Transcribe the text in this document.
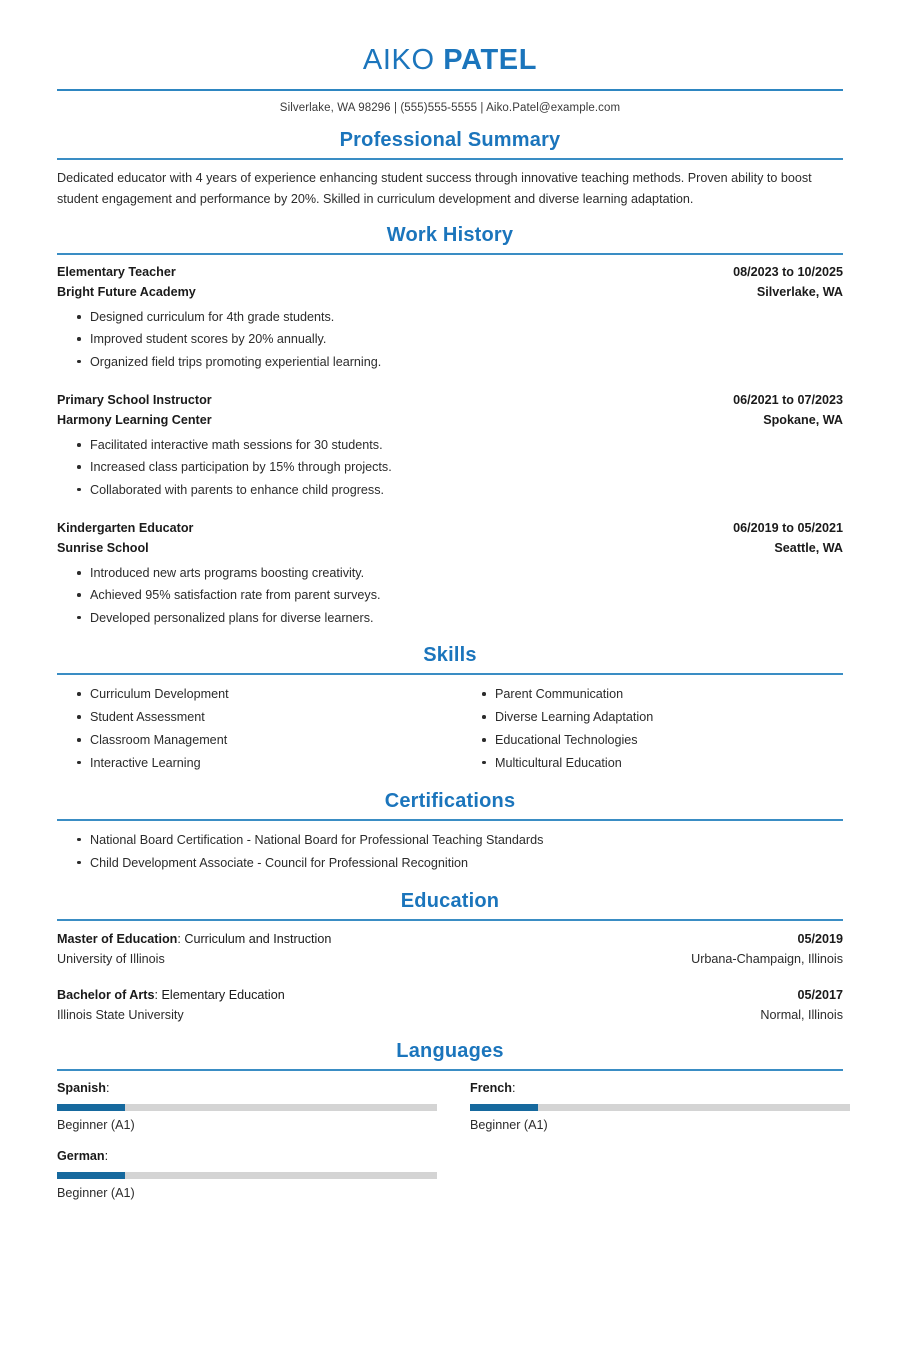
AIKO PATEL
Silverlake, WA 98296 | (555)555-5555 | Aiko.Patel@example.com
Professional Summary
Dedicated educator with 4 years of experience enhancing student success through innovative teaching methods. Proven ability to boost student engagement and performance by 20%. Skilled in curriculum development and diverse learning adaptation.
Work History
Elementary Teacher	08/2023 to 10/2025
Bright Future Academy	Silverlake, WA
Designed curriculum for 4th grade students.
Improved student scores by 20% annually.
Organized field trips promoting experiential learning.
Primary School Instructor	06/2021 to 07/2023
Harmony Learning Center	Spokane, WA
Facilitated interactive math sessions for 30 students.
Increased class participation by 15% through projects.
Collaborated with parents to enhance child progress.
Kindergarten Educator	06/2019 to 05/2021
Sunrise School	Seattle, WA
Introduced new arts programs boosting creativity.
Achieved 95% satisfaction rate from parent surveys.
Developed personalized plans for diverse learners.
Skills
Curriculum Development
Student Assessment
Classroom Management
Interactive Learning
Parent Communication
Diverse Learning Adaptation
Educational Technologies
Multicultural Education
Certifications
National Board Certification - National Board for Professional Teaching Standards
Child Development Associate - Council for Professional Recognition
Education
Master of Education: Curriculum and Instruction	05/2019
University of Illinois	Urbana-Champaign, Illinois
Bachelor of Arts: Elementary Education	05/2017
Illinois State University	Normal, Illinois
Languages
Spanish:
Beginner (A1)
French:
Beginner (A1)
German:
Beginner (A1)
